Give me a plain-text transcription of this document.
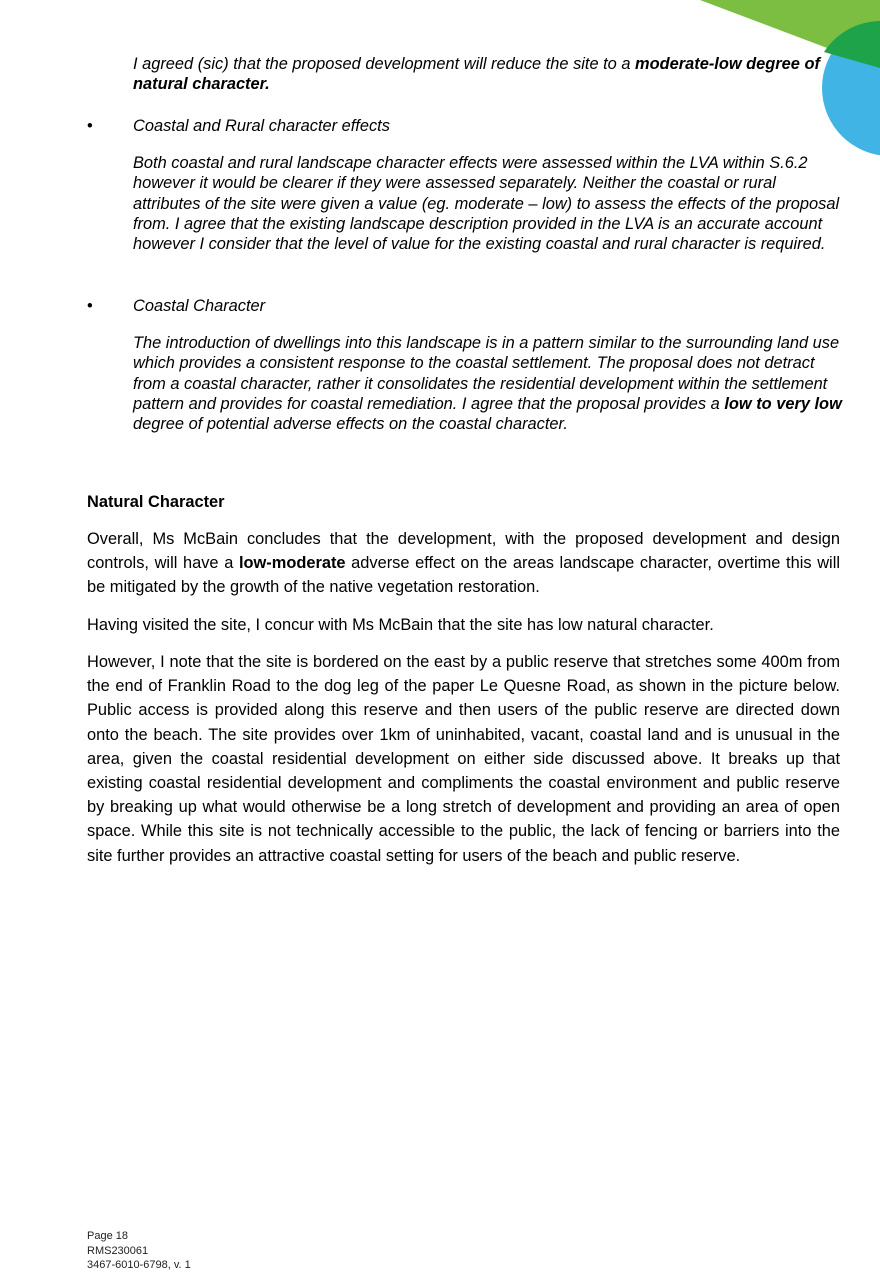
I agreed (sic) that the proposed development will reduce the site to a moderate-low degree of natural character.

• Coastal and Rural character effects

Both coastal and rural landscape character effects were assessed within the LVA within S.6.2 however it would be clearer if they were assessed separately. Neither the coastal or rural attributes of the site were given a value (eg. moderate – low) to assess the effects of the proposal from. I agree that the existing landscape description provided in the LVA is an accurate account however I consider that the level of value for the existing coastal and rural character is required.

• Coastal Character

The introduction of dwellings into this landscape is in a pattern similar to the surrounding land use which provides a consistent response to the coastal settlement. The proposal does not detract from a coastal character, rather it consolidates the residential development within the settlement pattern and provides for coastal remediation. I agree that the proposal provides a low to very low degree of potential adverse effects on the coastal character.

Natural Character

Overall, Ms McBain concludes that the development, with the proposed development and design controls, will have a low-moderate adverse effect on the areas landscape character, overtime this will be mitigated by the growth of the native vegetation restoration.

Having visited the site, I concur with Ms McBain that the site has low natural character.

However, I note that the site is bordered on the east by a public reserve that stretches some 400m from the end of Franklin Road to the dog leg of the paper Le Quesne Road, as shown in the picture below. Public access is provided along this reserve and then users of the public reserve are directed down onto the beach. The site provides over 1km of uninhabited, vacant, coastal land and is unusual in the area, given the coastal residential development on either side discussed above. It breaks up that existing coastal residential development and compliments the coastal environment and public reserve by breaking up what would otherwise be a long stretch of development and providing an area of open space. While this site is not technically accessible to the public, the lack of fencing or barriers into the site further provides an attractive coastal setting for users of the beach and public reserve.

Page 18
RMS230061
3467-6010-6798, v. 1
